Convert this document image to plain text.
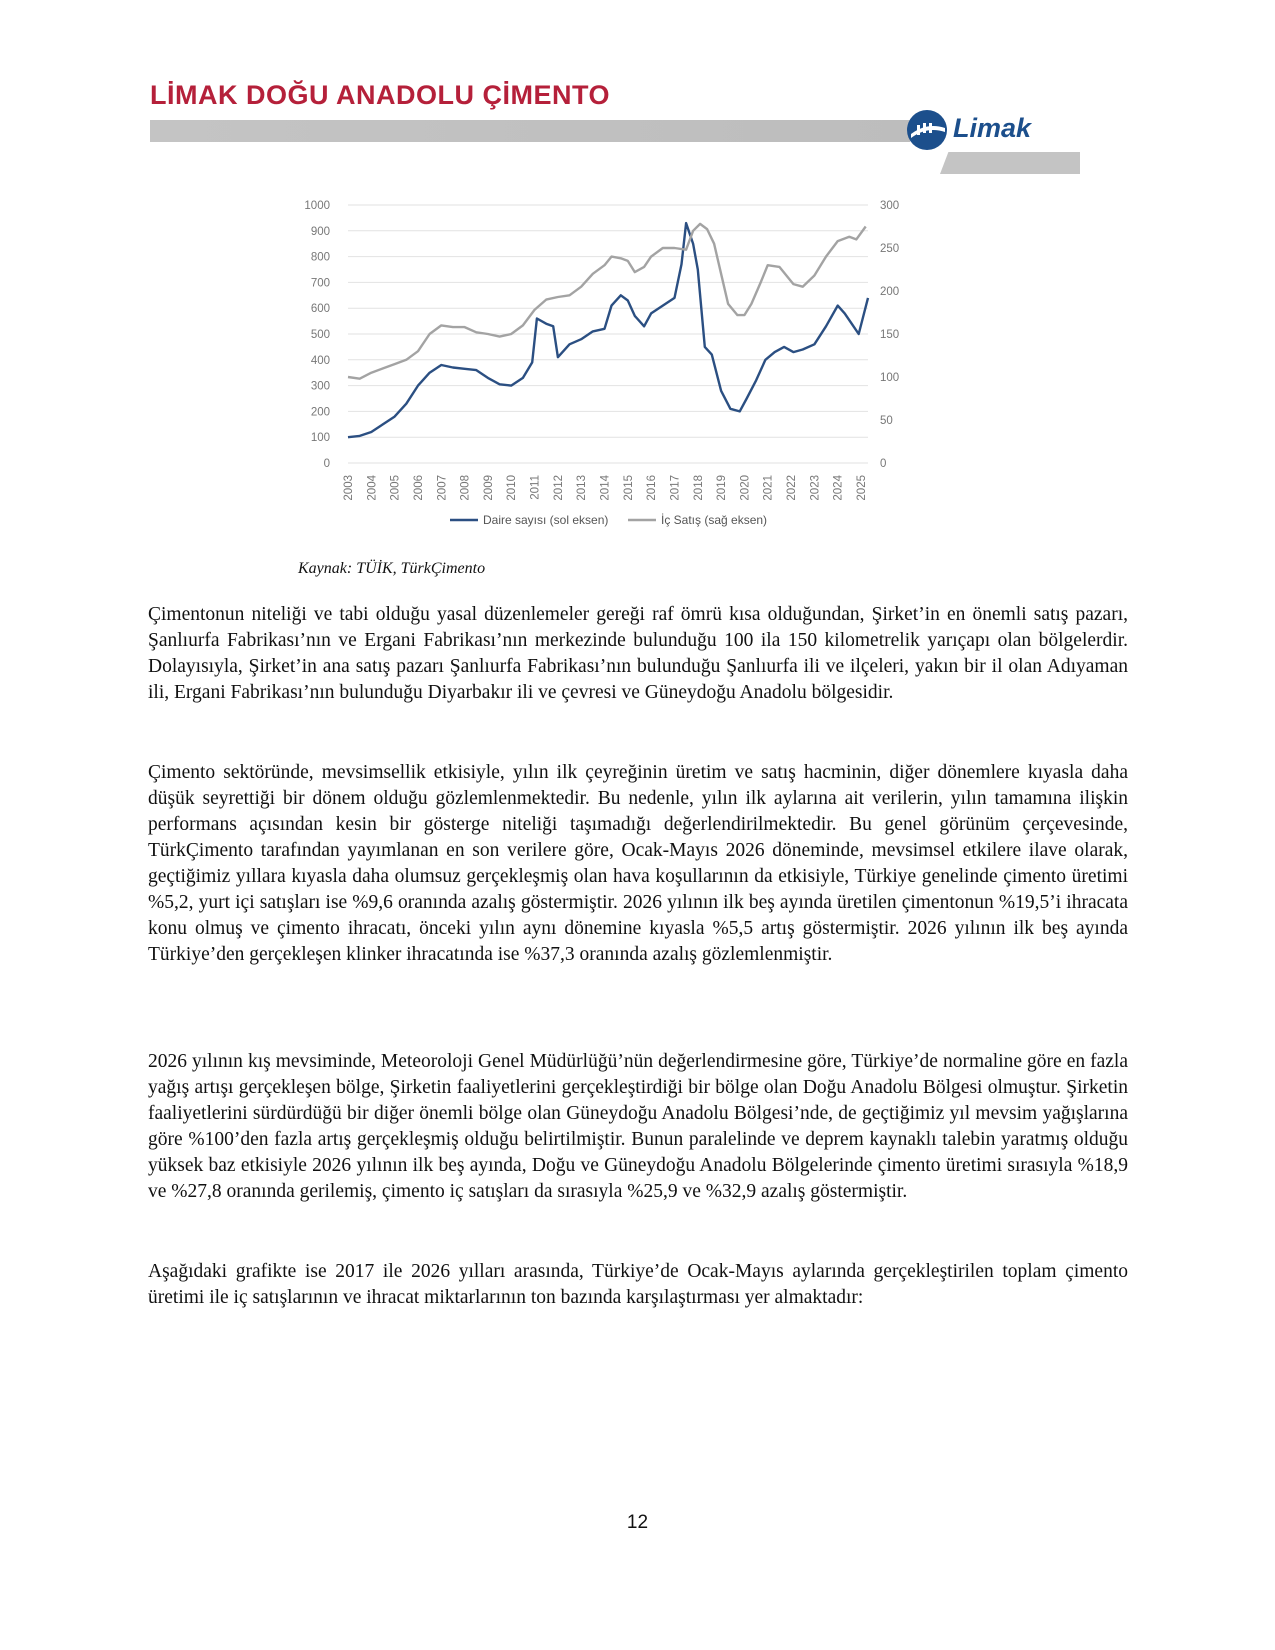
LİMAK DOĞU ANADOLU ÇİMENTO
Limak
0
100
200
300
400
500
600
700
800
900
1000
0
50
100
150
200
250
300
2003 2004 2005 2006 2007 2008 2009 2010 2011 2012 2013 2014 2015 2016 2017 2018 2019 2020 2021 2022 2023 2024 2025
Daire sayısı (sol eksen)	İç Satış (sağ eksen)
Kaynak: TÜİK, TürkÇimento

Çimentonun niteliği ve tabi olduğu yasal düzenlemeler gereği raf ömrü kısa olduğundan, Şirket’in en önemli satış pazarı, Şanlıurfa Fabrikası’nın ve Ergani Fabrikası’nın merkezinde bulunduğu 100 ila 150 kilometrelik yarıçapı olan bölgelerdir. Dolayısıyla, Şirket’in ana satış pazarı Şanlıurfa Fabrikası’nın bulunduğu Şanlıurfa ili ve ilçeleri, yakın bir il olan Adıyaman ili, Ergani Fabrikası’nın bulunduğu Diyarbakır ili ve çevresi ve Güneydoğu Anadolu bölgesidir.

Çimento sektöründe, mevsimsellik etkisiyle, yılın ilk çeyreğinin üretim ve satış hacminin, diğer dönemlere kıyasla daha düşük seyrettiği bir dönem olduğu gözlemlenmektedir. Bu nedenle, yılın ilk aylarına ait verilerin, yılın tamamına ilişkin performans açısından kesin bir gösterge niteliği taşımadığı değerlendirilmektedir. Bu genel görünüm çerçevesinde, TürkÇimento tarafından yayımlanan en son verilere göre, Ocak-Mayıs 2026 döneminde, mevsimsel etkilere ilave olarak, geçtiğimiz yıllara kıyasla daha olumsuz gerçekleşmiş olan hava koşullarının da etkisiyle, Türkiye genelinde çimento üretimi %5,2, yurt içi satışları ise %9,6 oranında azalış göstermiştir. 2026 yılının ilk beş ayında üretilen çimentonun %19,5’i ihracata konu olmuş ve çimento ihracatı, önceki yılın aynı dönemine kıyasla %5,5 artış göstermiştir. 2026 yılının ilk beş ayında Türkiye’den gerçekleşen klinker ihracatında ise %37,3 oranında azalış gözlemlenmiştir.

2026 yılının kış mevsiminde, Meteoroloji Genel Müdürlüğü’nün değerlendirmesine göre, Türkiye’de normaline göre en fazla yağış artışı gerçekleşen bölge, Şirketin faaliyetlerini gerçekleştirdiği bir bölge olan Doğu Anadolu Bölgesi olmuştur. Şirketin faaliyetlerini sürdürdüğü bir diğer önemli bölge olan Güneydoğu Anadolu Bölgesi’nde, de geçtiğimiz yıl mevsim yağışlarına göre %100’den fazla artış gerçekleşmiş olduğu belirtilmiştir. Bunun paralelinde ve deprem kaynaklı talebin yaratmış olduğu yüksek baz etkisiyle 2026 yılının ilk beş ayında, Doğu ve Güneydoğu Anadolu Bölgelerinde çimento üretimi sırasıyla %18,9 ve %27,8 oranında gerilemiş, çimento iç satışları da sırasıyla %25,9 ve %32,9 azalış göstermiştir.

Aşağıdaki grafikte ise 2017 ile 2026 yılları arasında, Türkiye’de Ocak-Mayıs aylarında gerçekleştirilen toplam çimento üretimi ile iç satışlarının ve ihracat miktarlarının ton bazında karşılaştırması yer almaktadır:

12
